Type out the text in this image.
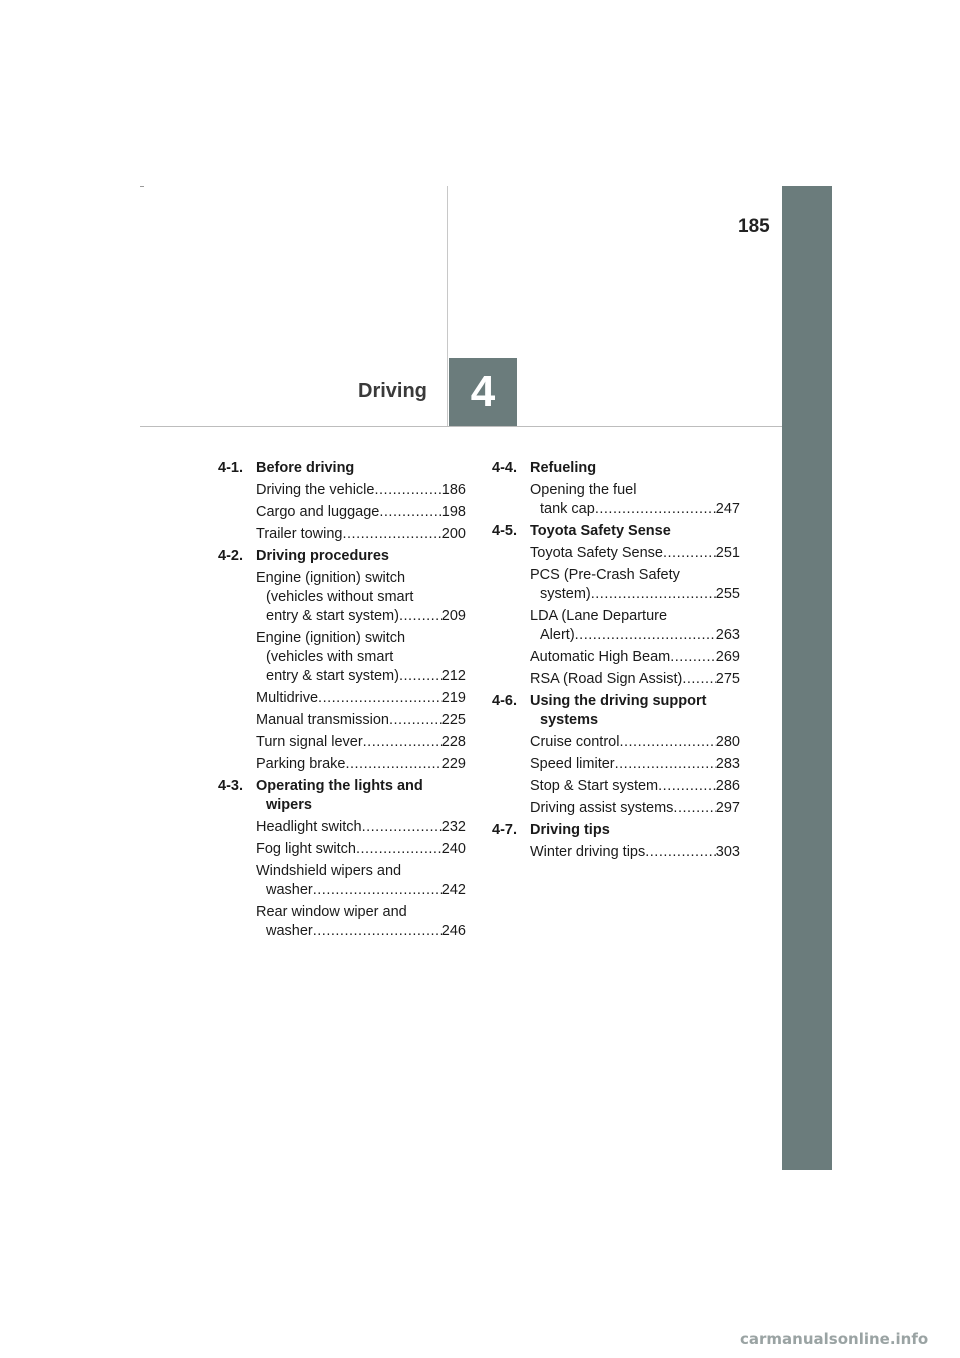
185
Driving 4
4-1. Before driving
Driving the vehicle .....	186
Cargo and luggage .....	198
Trailer towing .....	200
4-2. Driving procedures
Engine (ignition) switch
(vehicles without smart
entry & start system) .....	209
Engine (ignition) switch
(vehicles with smart
entry & start system) .....	212
Multidrive .....	219
Manual transmission .....	225
Turn signal lever .....	228
Parking brake .....	229
4-3. Operating the lights and
wipers
Headlight switch .....	232
Fog light switch .....	240
Windshield wipers and
washer .....	242
Rear window wiper and
washer .....	246
4-4. Refueling
Opening the fuel
tank cap .....	247
4-5. Toyota Safety Sense
Toyota Safety Sense .....	251
PCS (Pre-Crash Safety
system) .....	255
LDA (Lane Departure
Alert) .....	263
Automatic High Beam .....	269
RSA (Road Sign Assist) ..... 275
4-6. Using the driving support
systems
Cruise control .....	280
Speed limiter .....	283
Stop & Start system .....	286
Driving assist systems .....	297
4-7. Driving tips
Winter driving tips .....	303
carmanualsonline.info
